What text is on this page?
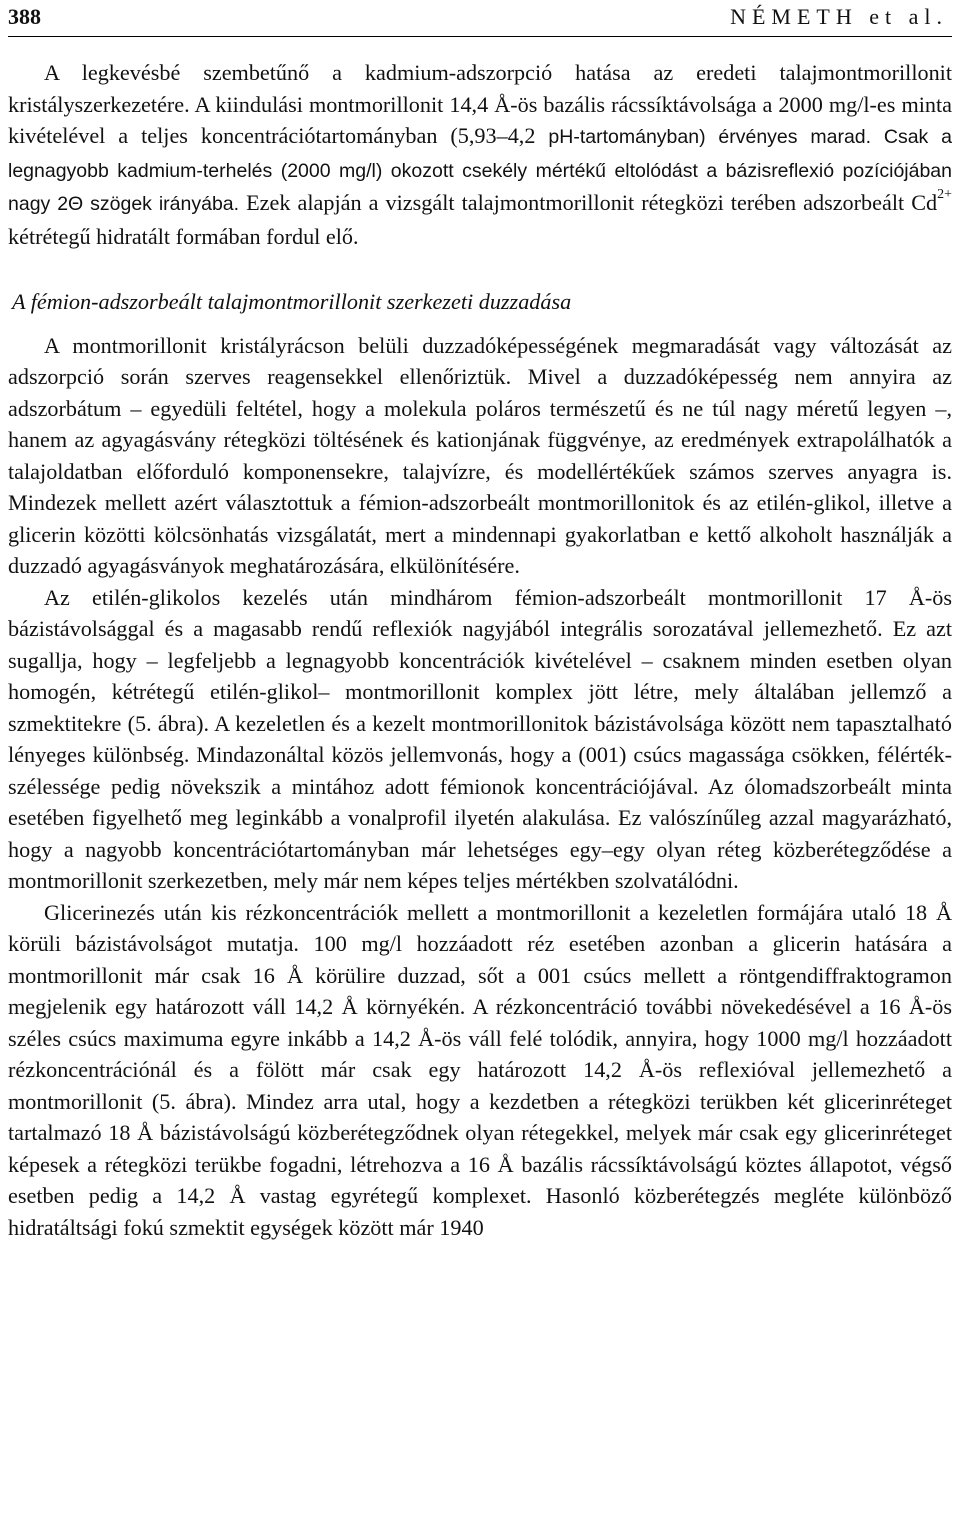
388	NÉMETH et al.

A legkevésbé szembetűnő a kadmium-adszorpció hatása az eredeti talajmontmorillonit kristályszerkezetére. A kiindulási montmorillonit 14,4 Å-ös bazális rácssíktávolsága a 2000 mg/l-es minta kivételével a teljes koncentrációtartományban (5,93–4,2 pH-tartományban) érvényes marad. Csak a legnagyobb kadmium-terhelés (2000 mg/l) okozott csekély mértékű eltolódást a bázisreflexió pozíciójában nagy 2Θ szögek irányába. Ezek alapján a vizsgált talajmontmorillonit rétegközi terében adszorbeált $Cd^{2+}$ kétrétegű hidratált formában fordul elő.

A fémion-adszorbeált talajmontmorillonit szerkezeti duzzadása

A montmorillonit kristályrácson belüli duzzadóképességének megmaradását vagy változását az adszorpció során szerves reagensekkel ellenőriztük. Mivel a duzzadóképesség nem annyira az adszorbátum – egyedüli feltétel, hogy a molekula poláros természetű és ne túl nagy méretű legyen –, hanem az agyagásvány rétegközi töltésének és kationjának függvénye, az eredmények extrapolálhatók a talajoldatban előforduló komponensekre, talajvízre, és modellértékűek számos szerves anyagra is. Mindezek mellett azért választottuk a fémion-adszorbeált montmorillonitok és az etilén-glikol, illetve a glicerin közötti kölcsönhatás vizsgálatát, mert a mindennapi gyakorlatban e kettő alkoholt használják a duzzadó agyagásványok meghatározására, elkülönítésére.

Az etilén-glikolos kezelés után mindhárom fémion-adszorbeált montmorillonit 17 Å-ös bázistávolsággal és a magasabb rendű reflexiók nagyjából integrális sorozatával jellemezhető. Ez azt sugallja, hogy – legfeljebb a legnagyobb koncentrációk kivételével – csaknem minden esetben olyan homogén, kétrétegű etilén-glikol– montmorillonit komplex jött létre, mely általában jellemző a szmektitekre (5. ábra). A kezeletlen és a kezelt montmorillonitok bázistávolsága között nem tapasztalható lényeges különbség. Mindazonáltal közös jellemvonás, hogy a (001) csúcs magassága csökken, félérték-szélessége pedig növekszik a mintához adott fémionok koncentrációjával. Az ólomadszorbeált minta esetében figyelhető meg leginkább a vonalprofil ilyetén alakulása. Ez valószínűleg azzal magyarázható, hogy a nagyobb koncentrációtartományban már lehetséges egy–egy olyan réteg közberétegződése a montmorillonit szerkezetben, mely már nem képes teljes mértékben szolvatálódni.

Glicerinezés után kis rézkoncentrációk mellett a montmorillonit a kezeletlen formájára utaló 18 Å körüli bázistávolságot mutatja. 100 mg/l hozzáadott réz esetében azonban a glicerin hatására a montmorillonit már csak 16 Å körülire duzzad, sőt a 001 csúcs mellett a röntgendiffraktogramon megjelenik egy határozott váll 14,2 Å környékén. A rézkoncentráció további növekedésével a 16 Å-ös széles csúcs maximuma egyre inkább a 14,2 Å-ös váll felé tolódik, annyira, hogy 1000 mg/l hozzáadott rézkoncentrációnál és a fölött már csak egy határozott 14,2 Å-ös reflexióval jellemezhető a montmorillonit (5. ábra). Mindez arra utal, hogy a kezdetben a rétegközi terükben két glicerinréteget tartalmazó 18 Å bázistávolságú közberétegződnek olyan rétegekkel, melyek már csak egy glicerinréteget képesek a rétegközi terükbe fogadni, létrehozva a 16 Å bazális rácssíktávolságú köztes állapotot, végső esetben pedig a 14,2 Å vastag egyrétegű komplexet. Hasonló közberétegzés megléte különböző hidratáltsági fokú szmektit egységek között már 1940
